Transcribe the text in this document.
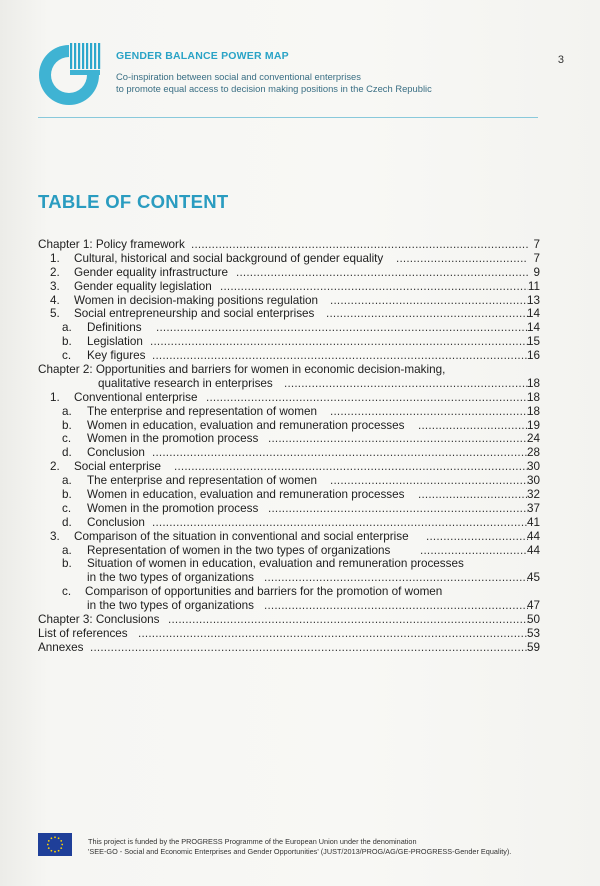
GENDER BALANCE POWER MAP
Co-inspiration between social and conventional enterprises
to promote equal access to decision making positions in the Czech Republic
3
TABLE OF CONTENT
.....
Chapter 1: Policy framework	7
.....
1. Cultural, historical and social background of gender equality	7
.....
2. Gender equality infrastructure	9
.....
3. Gender equality legislation	11
.....
4. Women in decision-making positions regulation	13
.....
5. Social entrepreneurship and social enterprises	14
.....
a. Definitions	14
.....
b. Legislation	15
.....
c. Key figures	16
Chapter 2: Opportunities and barriers for women in economic decision-making,
.....
qualitative research in enterprises	18
.....
1. Conventional enterprise	18
.....
a. The enterprise and representation of women	18
.....
b. Women in education, evaluation and remuneration processes	19
.....
c. Women in the promotion process	24
.....
d. Conclusion	28
.....
2. Social enterprise	30
.....
a. The enterprise and representation of women	30
.....
b. Women in education, evaluation and remuneration processes	32
.....
c. Women in the promotion process	37
.....
d. Conclusion	41
.....
3. Comparison of the situation in conventional and social enterprise	44
.....
a. Representation of women in the two types of organizations	44
b. Situation of women in education, evaluation and remuneration processes
.....
in the two types of organizations	45
c. Comparison of opportunities and barriers for the promotion of women
.....
in the two types of organizations	47
.....
Chapter 3: Conclusions	50
.....
List of references	53
.....
Annexes	59
This project is funded by the PROGRESS Programme of the European Union under the denomination
'SEE-GO - Social and Economic Enterprises and Gender Opportunities' (JUST/2013/PROG/AG/GE-PROGRESS-Gender Equality).
